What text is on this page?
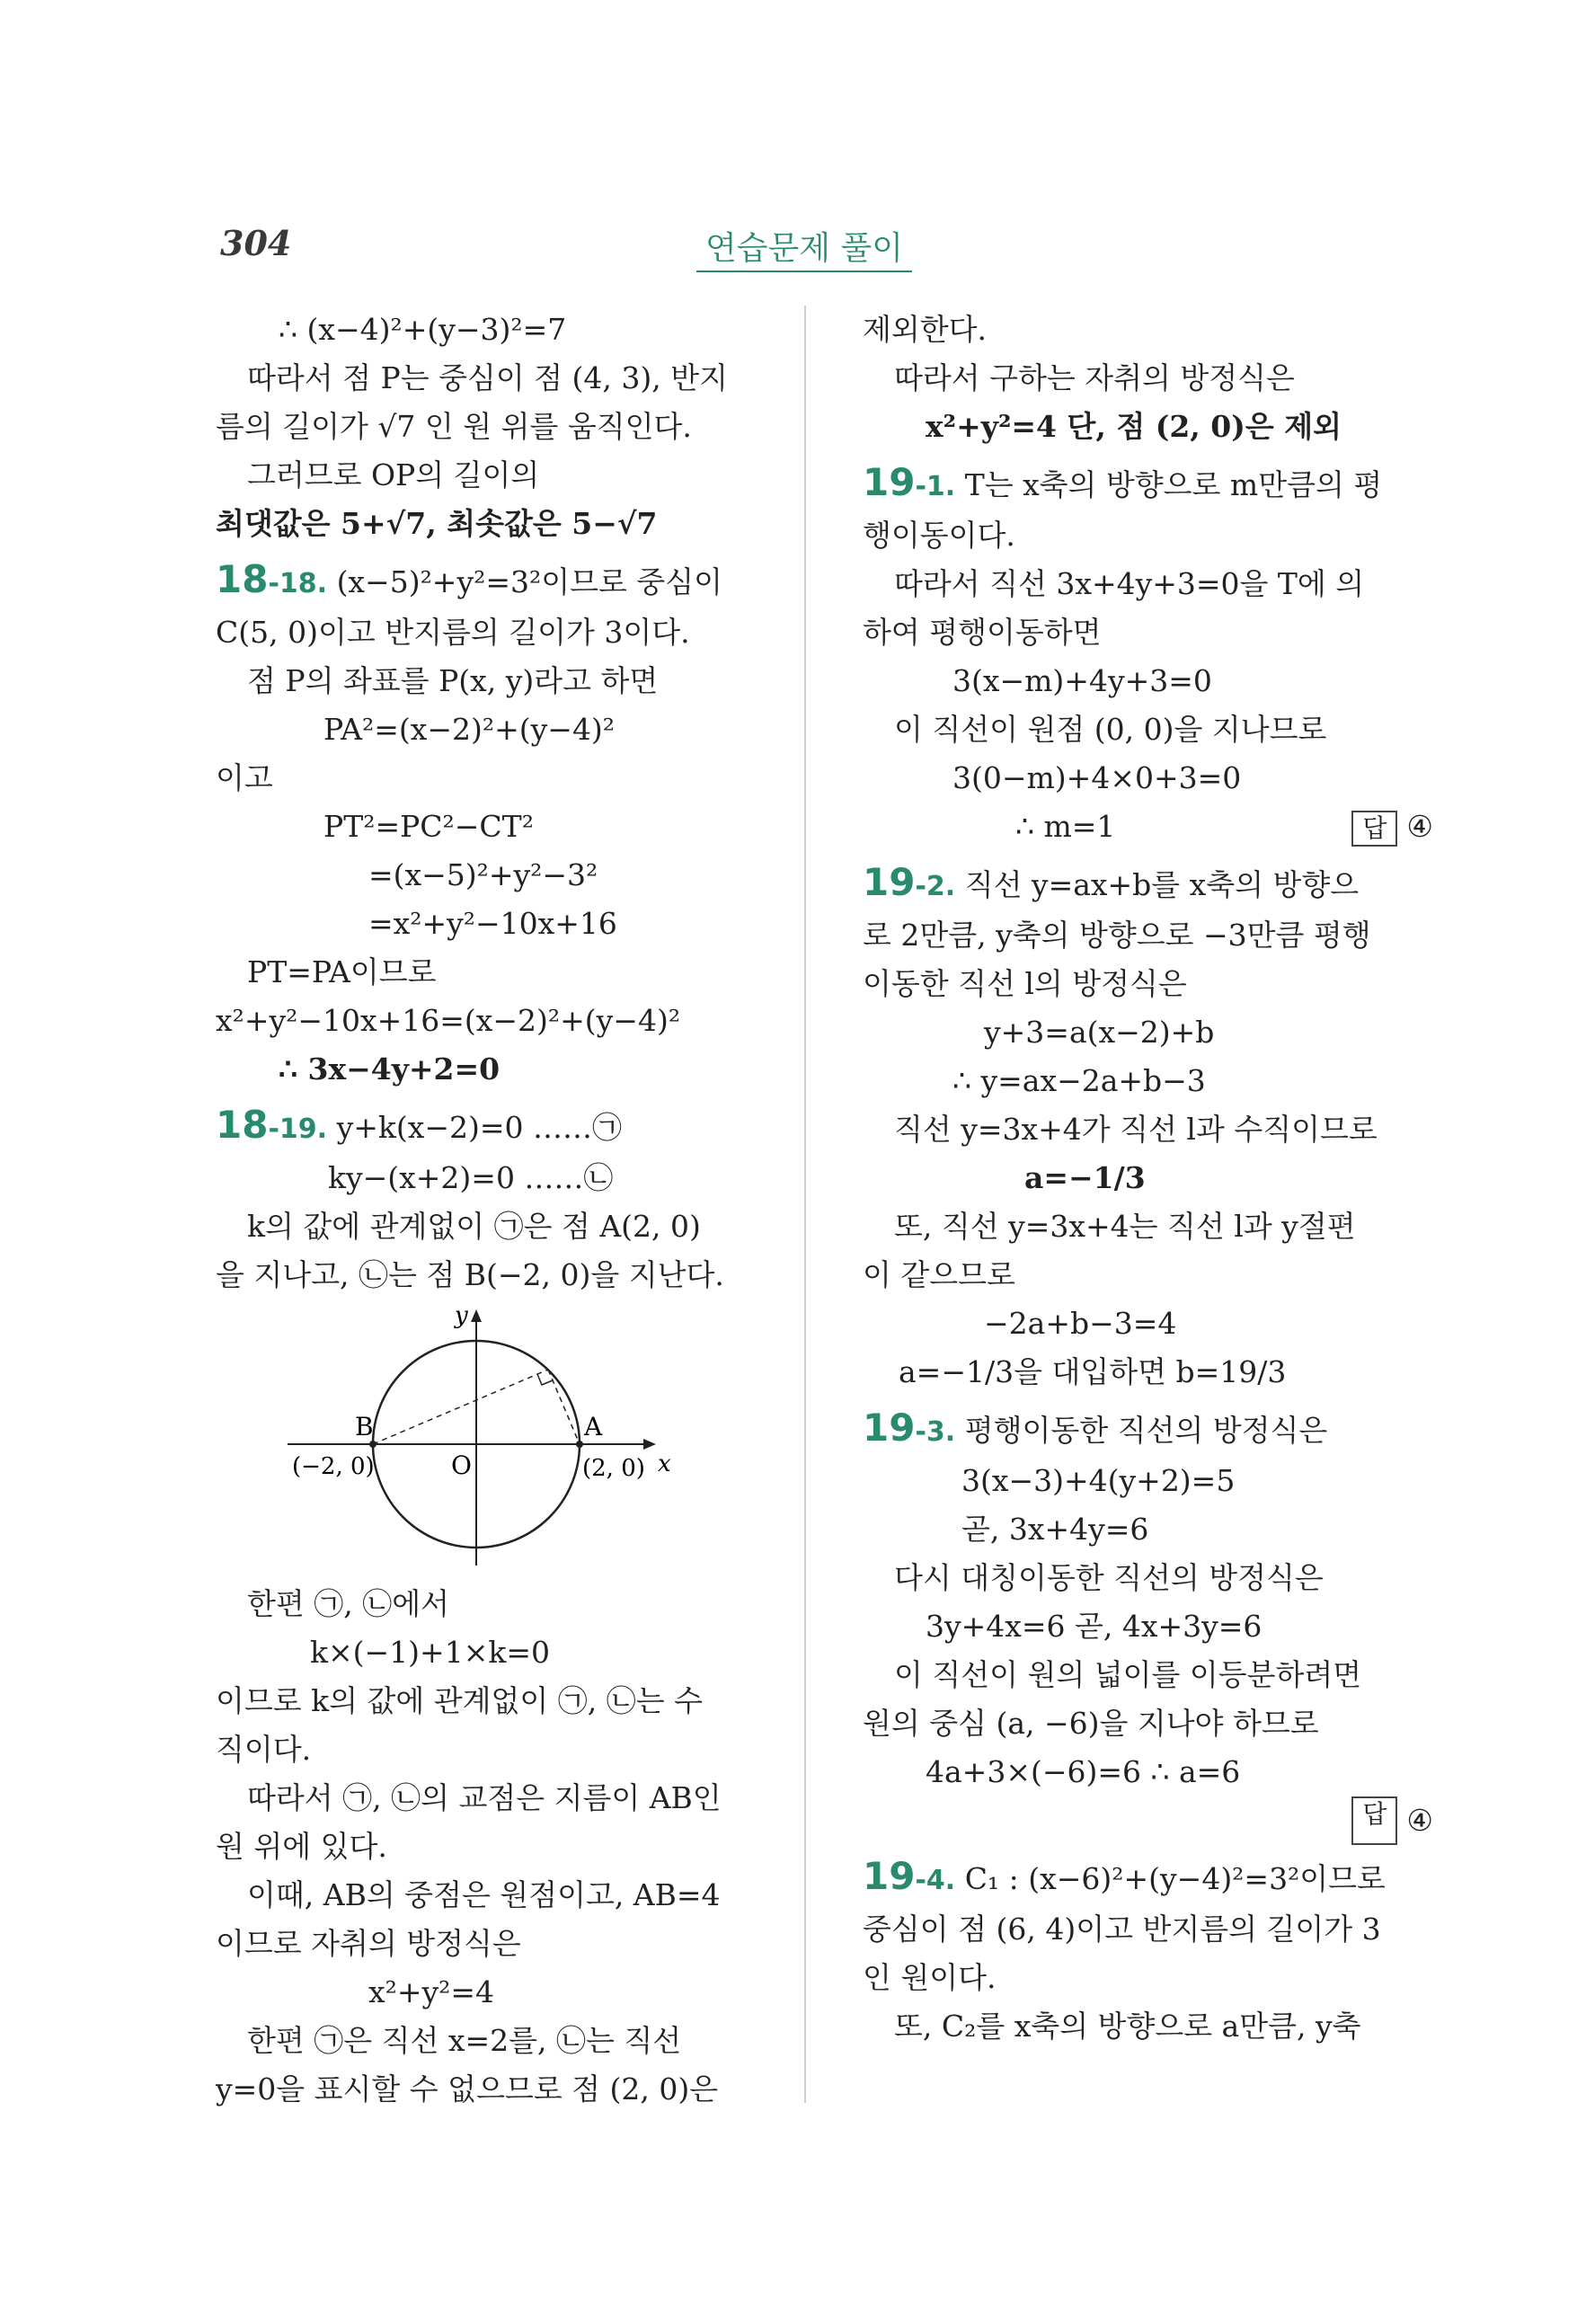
304	연습문제 풀이
∴ (x−4)²+(y−3)²=7
따라서 점 P는 중심이 점 (4, 3), 반지
름의 길이가 √7 인 원 위를 움직인다.
그러므로 OP의 길이의
최댓값은 5+√7, 최솟값은 5−√7
18-18. (x−5)²+y²=3²이므로 중심이
C(5, 0)이고 반지름의 길이가 3이다.
점 P의 좌표를 P(x, y)라고 하면
PA²=(x−2)²+(y−4)²
이고
PT²=PC²−CT²
=(x−5)²+y²−3²
=x²+y²−10x+16
PT=PA이므로
x²+y²−10x+16=(x−2)²+(y−4)²
∴ 3x−4y+2=0
18-19. y+k(x−2)=0 ……㉠
ky−(x+2)=0 ……㉡
k의 값에 관계없이 ㉠은 점 A(2, 0)
을 지나고, ㉡는 점 B(−2, 0)을 지난다.
y
x
O
B	A
(−2, 0)	(2, 0)
한편 ㉠, ㉡에서
k×(−1)+1×k=0
이므로 k의 값에 관계없이 ㉠, ㉡는 수
직이다.
따라서 ㉠, ㉡의 교점은 지름이 AB인
원 위에 있다.
이때, AB의 중점은 원점이고, AB=4
이므로 자취의 방정식은
x²+y²=4
한편 ㉠은 직선 x=2를, ㉡는 직선
y=0을 표시할 수 없으므로 점 (2, 0)은
제외한다.
따라서 구하는 자취의 방정식은
x²+y²=4 단, 점 (2, 0)은 제외
19-1. T는 x축의 방향으로 m만큼의 평
행이동이다.
따라서 직선 3x+4y+3=0을 T에 의
하여 평행이동하면
3(x−m)+4y+3=0
이 직선이 원점 (0, 0)을 지나므로
3(0−m)+4×0+3=0
∴ m=1	답 ④
19-2. 직선 y=ax+b를 x축의 방향으
로 2만큼, y축의 방향으로 −3만큼 평행
이동한 직선 l의 방정식은
y+3=a(x−2)+b
∴ y=ax−2a+b−3
직선 y=3x+4가 직선 l과 수직이므로
a=−1/3
또, 직선 y=3x+4는 직선 l과 y절편
이 같으므로
−2a+b−3=4
a=−1/3을 대입하면 b=19/3
19-3. 평행이동한 직선의 방정식은
3(x−3)+4(y+2)=5
곧, 3x+4y=6
다시 대칭이동한 직선의 방정식은
3y+4x=6 곧, 4x+3y=6
이 직선이 원의 넓이를 이등분하려면
원의 중심 (a, −6)을 지나야 하므로
4a+3×(−6)=6 ∴ a=6
답 ④
19-4. C₁ : (x−6)²+(y−4)²=3²이므로
중심이 점 (6, 4)이고 반지름의 길이가 3
인 원이다.
또, C₂를 x축의 방향으로 a만큼, y축
